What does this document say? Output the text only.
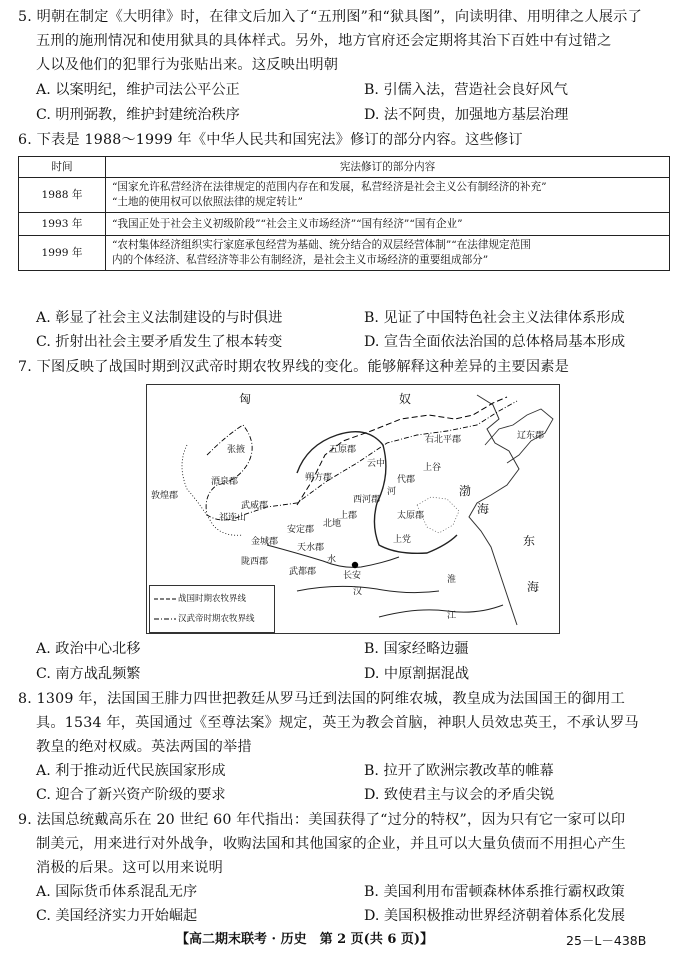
5. 明朝在制定《大明律》时，在律文后加入了“五刑图”和“狱具图”，向读明律、用明律之人展示了
五刑的施刑情况和使用狱具的具体样式。另外，地方官府还会定期将其治下百姓中有过错之
人以及他们的犯罪行为张贴出来。这反映出明朝
A. 以案明纪，维护司法公平公正	B. 引儒入法，营造社会良好风气
C. 明刑弼教，维护封建统治秩序	D. 法不阿贵，加强地方基层治理
6. 下表是 1988～1999 年《中华人民共和国宪法》修订的部分内容。这些修订
时间	宪法修订的部分内容
1988 年	“国家允许私营经济在法律规定的范围内存在和发展，私营经济是社会主义公有制经济的补充”
“土地的使用权可以依照法律的规定转让”

1993 年	“我国正处于社会主义初级阶段”“社会主义市场经济”“国有经济”“国有企业”

1999 年	“农村集体经济组织实行家庭承包经营为基础、统分结合的双层经营体制”“在法律规定范围
内的个体经济、私营经济等非公有制经济，是社会主义市场经济的重要组成部分”
A. 彰显了社会主义法制建设的与时俱进	B. 见证了中国特色社会主义法律体系形成
C. 折射出社会主要矛盾发生了根本转变	D. 宣告全面依法治国的总体格局基本形成
7. 下图反映了战国时期到汉武帝时期农牧界线的变化。能够解释这种差异的主要因素是
匈	奴
渤
海
东
海
辽东郡
右北平郡
上谷
代郡
云中
五原郡
朔方郡
西河郡
太原郡
上党
张掖
酒泉郡
敦煌郡
武威郡
金城郡
陇西郡
安定郡
天水郡
北地
上郡
武都郡	长安
祁连山
淮
汉
水
河
江
战国时期农牧界线
汉武帝时期农牧界线
A. 政治中心北移	B. 国家经略边疆
C. 南方战乱频繁	D. 中原割据混战
8. 1309 年，法国国王腓力四世把教廷从罗马迁到法国的阿维农城，教皇成为法国国王的御用工
具。1534 年，英国通过《至尊法案》规定，英王为教会首脑，神职人员效忠英王，不承认罗马
教皇的绝对权威。英法两国的举措
A. 利于推动近代民族国家形成	B. 拉开了欧洲宗教改革的帷幕
C. 迎合了新兴资产阶级的要求	D. 致使君主与议会的矛盾尖锐
9. 法国总统戴高乐在 20 世纪 60 年代指出：美国获得了“过分的特权”，因为只有它一家可以印
制美元，用来进行对外战争，收购法国和其他国家的企业，并且可以大量负债而不用担心产生
消极的后果。这可以用来说明
A. 国际货币体系混乱无序	B. 美国利用布雷顿森林体系推行霸权政策
C. 美国经济实力开始崛起	D. 美国积极推动世界经济朝着体系化发展
【高二期末联考 · 历史　第 2 页(共 6 页)】	25－L－438B
